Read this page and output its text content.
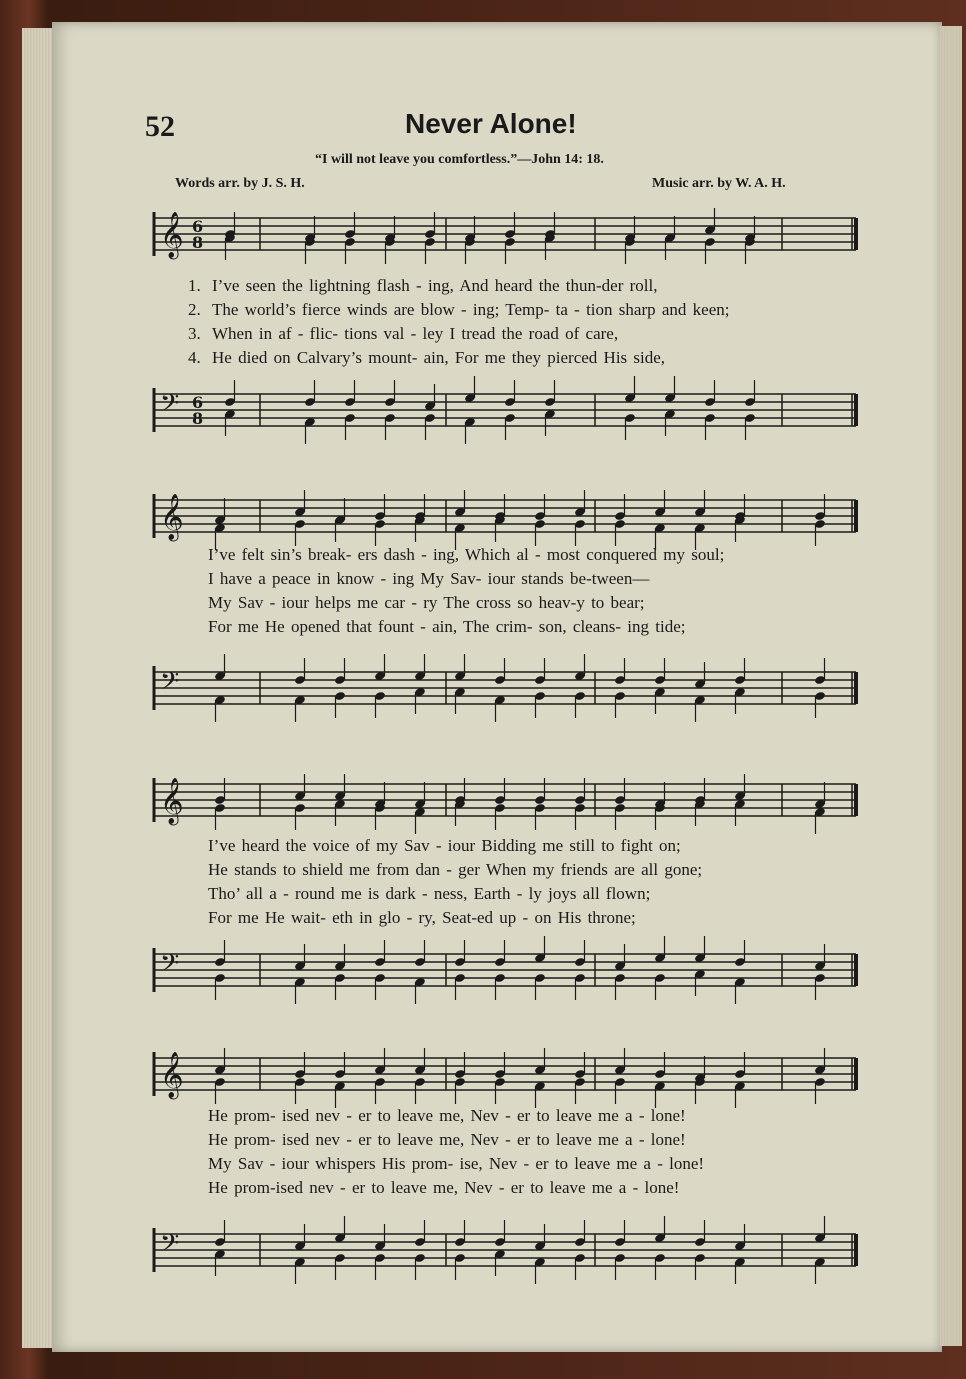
52	Never Alone!
“I will not leave you comfortless.”—John 14: 18.
Words arr. by J. S. H.	Music arr. by W. A. H.
𝄞 6
8
1. I’ve seen the lightning flash - ing, And heard the thun-der roll,
2. The world’s fierce winds are blow - ing; Temp- ta - tion sharp and keen;
3. When in af - flic- tions val - ley I tread the road of care,
4. He died on Calvary’s mount- ain, For me they pierced His side,
𝄢 6
8
𝄞
I’ve felt sin’s break- ers dash - ing, Which al - most conquered my soul;
I have a peace in know - ing My Sav- iour stands be-tween—
My Sav - iour helps me car - ry The cross so heav-y to bear;
For me He opened that fount - ain, The crim- son, cleans- ing tide;
𝄢
𝄞
I’ve heard the voice of my Sav - iour Bidding me still to fight on;
He stands to shield me from dan - ger When my friends are all gone;
Tho’ all a - round me is dark - ness, Earth - ly joys all flown;
For me He wait- eth in glo - ry, Seat-ed up - on His throne;
𝄢
𝄞
He prom- ised nev - er to leave me, Nev - er to leave me a - lone!
He prom- ised nev - er to leave me, Nev - er to leave me a - lone!
My Sav - iour whispers His prom- ise, Nev - er to leave me a - lone!
He prom-ised nev - er to leave me, Nev - er to leave me a - lone!
𝄢
